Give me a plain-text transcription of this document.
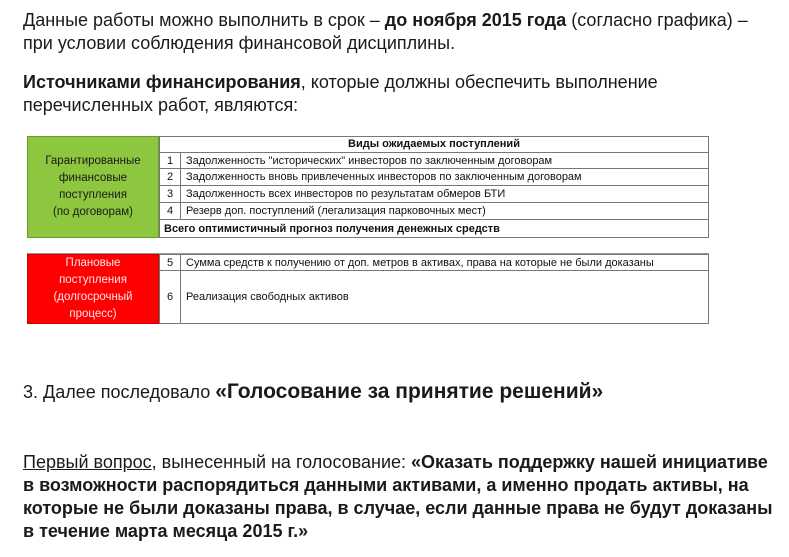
Данные работы можно выполнить в срок – до ноября 2015 года (согласно графика) –
при условии соблюдения финансовой дисциплины.

Источниками финансирования, которые должны обеспечить выполнение
перечисленных работ, являются:

Гарантированные
финансовые
поступления
(по договорам)
Виды ожидаемых поступлений
1	Задолженность "исторических" инвесторов по заключенным договорам
2	Задолженность вновь привлеченных инвесторов по заключенным договорам
3	Задолженность всех инвесторов по результатам обмеров БТИ
4	Резерв доп. поступлений (легализация парковочных мест)
Всего оптимистичный прогноз получения денежных средств
Плановые
поступления
(долгосрочный
процесс)
5	Сумма средств к получению от доп. метров в активах, права на которые не были доказаны
6	Реализация свободных активов

3. Далее последовало «Голосование за принятие решений»

Первый вопрос, вынесенный на голосование: «Оказать поддержку нашей инициативе в возможности распорядиться данными активами, а именно продать активы, на которые не были доказаны права, в случае, если данные права не будут доказаны в течение марта месяца 2015 г.»
